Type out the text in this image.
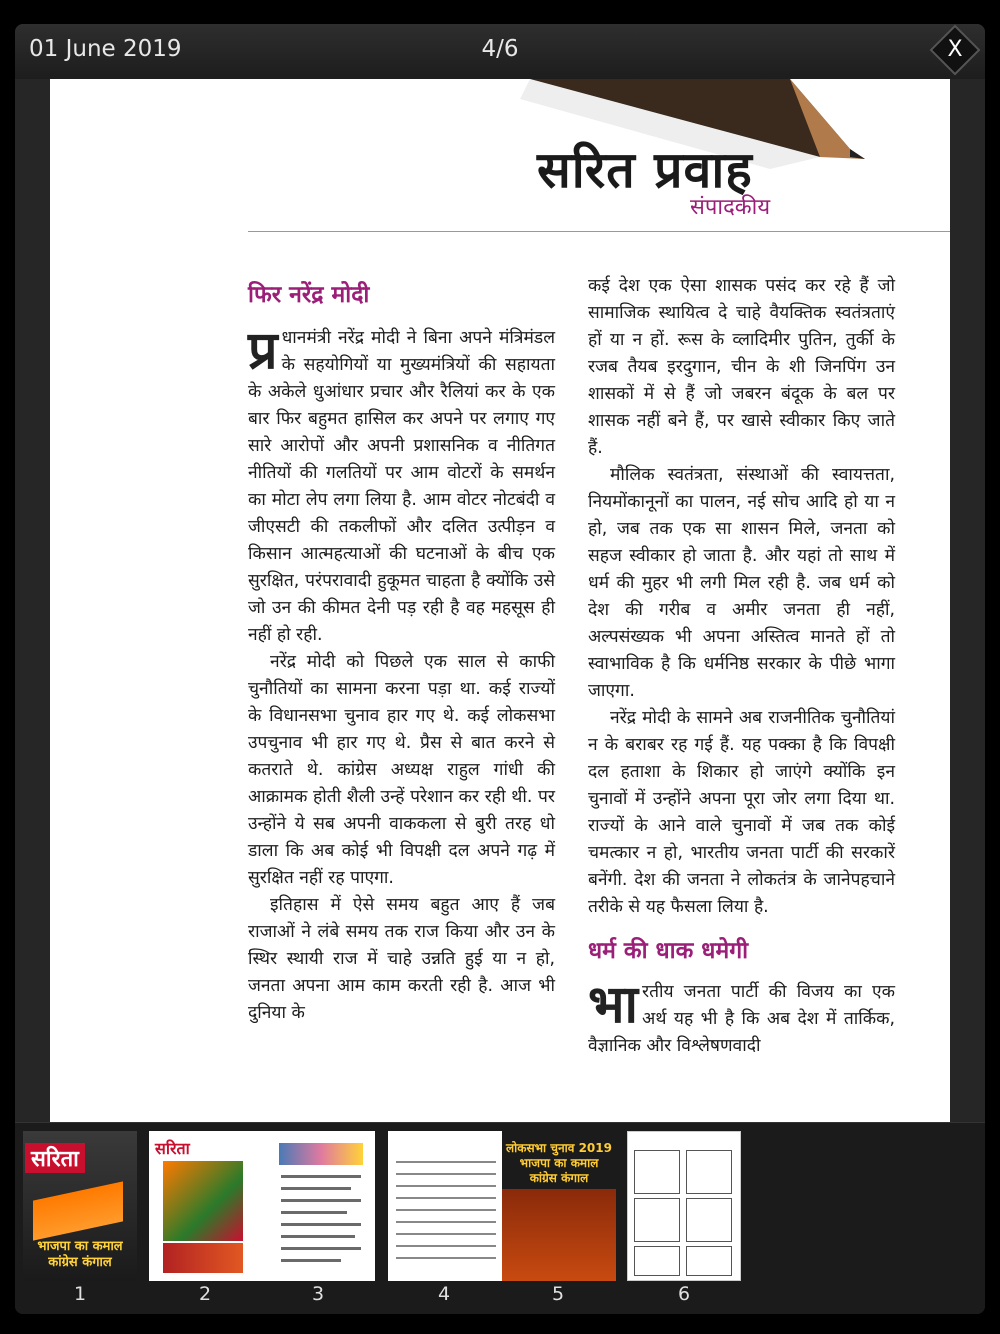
01 June 2019	4/6	X
सरित प्रवाह
संपादकीय
फिर नरेंद्र मोदी
प्र धानमंत्री नरेंद्र मोदी ने बिना अपने मंत्रिमंडल के सहयोगियों या मुख्यमंत्रियों की सहायता के अकेले धुआंधार प्रचार और रैलियां कर के एक बार फिर बहुमत हासिल कर अपने पर लगाए गए सारे आरोपों और अपनी प्रशासनिक व नीतिगत नीतियों की गलतियों पर आम वोटरों के समर्थन का मोटा लेप लगा लिया है. आम वोटर नोटबंदी व जीएसटी की तकलीफों और दलित उत्पीड़न व किसान आत्महत्याओं की घटनाओं के बीच एक सुरक्षित, परंपरावादी हुकूमत चाहता है क्योंकि उसे जो उन की कीमत देनी पड़ रही है वह महसूस ही नहीं हो रही.
नरेंद्र मोदी को पिछले एक साल से काफी चुनौतियों का सामना करना पड़ा था. कई राज्यों के विधानसभा चुनाव हार गए थे. कई लोकसभा उपचुनाव भी हार गए थे. प्रैस से बात करने से कतराते थे. कांग्रेस अध्यक्ष राहुल गांधी की आक्रामक होती शैली उन्हें परेशान कर रही थी. पर उन्होंने ये सब अपनी वाककला से बुरी तरह धो डाला कि अब कोई भी विपक्षी दल अपने गढ़ में सुरक्षित नहीं रह पाएगा.
इतिहास में ऐसे समय बहुत आए हैं जब राजाओं ने लंबे समय तक राज किया और उन के स्थिर स्थायी राज में चाहे उन्नति हुई या न हो, जनता अपना आम काम करती रही है. आज भी दुनिया के
कई देश एक ऐसा शासक पसंद कर रहे हैं जो सामाजिक स्थायित्व दे चाहे वैयक्तिक स्वतंत्रताएं हों या न हों. रूस के व्लादिमीर पुतिन, तुर्की के रजब तैयब इरदुगान, चीन के शी जिनपिंग उन शासकों में से हैं जो जबरन बंदूक के बल पर शासक नहीं बने हैं, पर खासे स्वीकार किए जाते हैं.
मौलिक स्वतंत्रता, संस्थाओं की स्वायत्तता, नियमोंकानूनों का पालन, नई सोच आदि हो या न हो, जब तक एक सा शासन मिले, जनता को सहज स्वीकार हो जाता है. और यहां तो साथ में धर्म की मुहर भी लगी मिल रही है. जब धर्म को देश की गरीब व अमीर जनता ही नहीं, अल्पसंख्यक भी अपना अस्तित्व मानते हों तो स्वाभाविक है कि धर्मनिष्ठ सरकार के पीछे भागा जाएगा.
नरेंद्र मोदी के सामने अब राजनीतिक चुनौतियां न के बराबर रह गई हैं. यह पक्का है कि विपक्षी दल हताशा के शिकार हो जाएंगे क्योंकि इन चुनावों में उन्होंने अपना पूरा जोर लगा दिया था. राज्यों के आने वाले चुनावों में जब तक कोई चमत्कार न हो, भारतीय जनता पार्टी की सरकारें बनेंगी. देश की जनता ने लोकतंत्र के जानेपहचाने तरीके से यह फैसला लिया है.
धर्म की धाक धमेगी
भारतीय जनता पार्टी की विजय का एक अर्थ यह भी है कि अब देश में तार्किक, वैज्ञानिक और विश्लेषणवादी
सरिता
भाजपा का कमाल कांग्रेस कंगाल
सरिता	लोकसभा चुनाव 2019 भाजपा का कमाल कांग्रेस कंगाल
1	2	3	4	5	6
